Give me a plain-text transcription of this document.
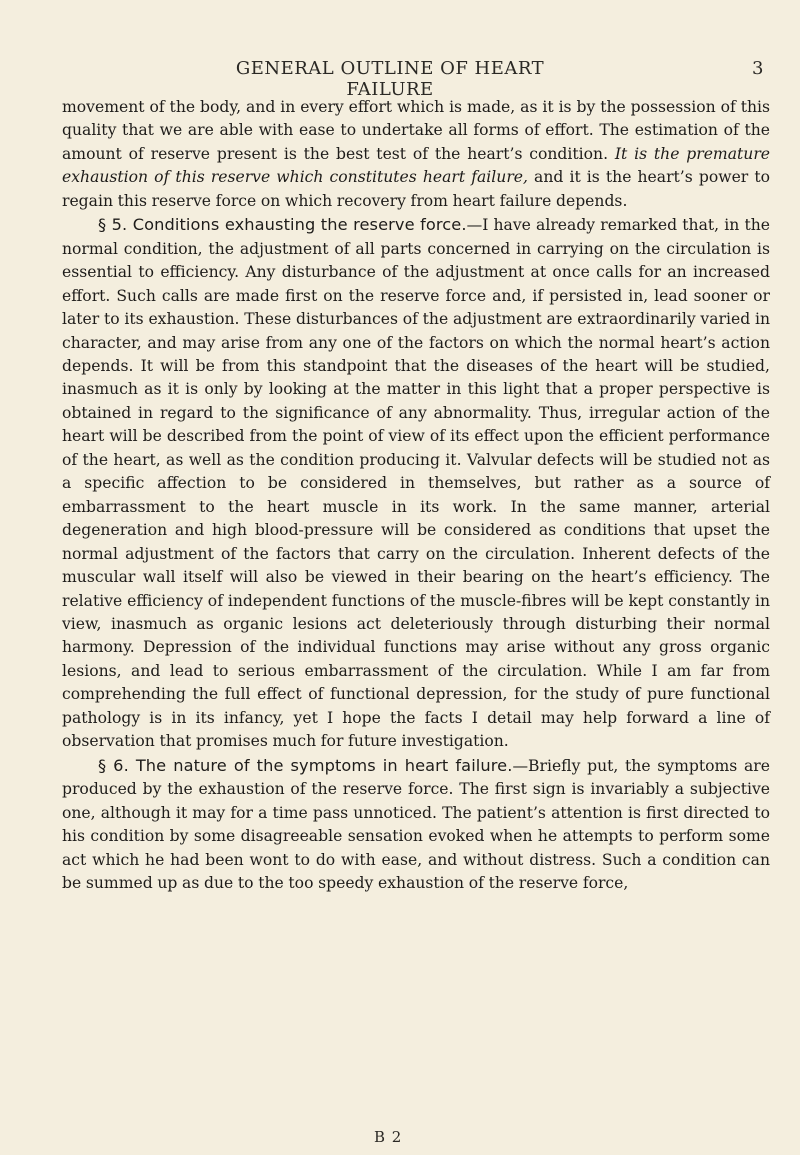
GENERAL OUTLINE OF HEART FAILURE
3

movement of the body, and in every effort which is made, as it is by the possession of this quality that we are able with ease to undertake all forms of effort. The estimation of the amount of reserve present is the best test of the heart’s condition. It is the premature exhaustion of this reserve which constitutes heart failure, and it is the heart’s power to regain this reserve force on which recovery from heart failure depends.

§ 5. Conditions exhausting the reserve force.—I have already remarked that, in the normal condition, the adjustment of all parts concerned in carrying on the circulation is essential to efficiency. Any disturbance of the adjustment at once calls for an increased effort. Such calls are made first on the reserve force and, if persisted in, lead sooner or later to its exhaustion. These disturbances of the adjustment are extraordinarily varied in character, and may arise from any one of the factors on which the normal heart’s action depends. It will be from this standpoint that the diseases of the heart will be studied, inasmuch as it is only by looking at the matter in this light that a proper perspective is obtained in regard to the significance of any abnormality. Thus, irregular action of the heart will be described from the point of view of its effect upon the efficient performance of the heart, as well as the condition producing it. Valvular defects will be studied not as a specific affection to be considered in themselves, but rather as a source of embarrassment to the heart muscle in its work. In the same manner, arterial degeneration and high blood-pressure will be considered as conditions that upset the normal adjustment of the factors that carry on the circulation. Inherent defects of the muscular wall itself will also be viewed in their bearing on the heart’s efficiency. The relative efficiency of independent functions of the muscle-fibres will be kept constantly in view, inasmuch as organic lesions act deleteriously through disturbing their normal harmony. Depression of the individual functions may arise without any gross organic lesions, and lead to serious embarrassment of the circulation. While I am far from comprehending the full effect of functional depression, for the study of pure functional pathology is in its infancy, yet I hope the facts I detail may help forward a line of observation that promises much for future investigation.

§ 6. The nature of the symptoms in heart failure.—Briefly put, the symptoms are produced by the exhaustion of the reserve force. The first sign is invariably a subjective one, although it may for a time pass unnoticed. The patient’s attention is first directed to his condition by some disagreeable sensation evoked when he attempts to perform some act which he had been wont to do with ease, and without distress. Such a condition can be summed up as due to the too speedy exhaustion of the reserve force,

B 2
